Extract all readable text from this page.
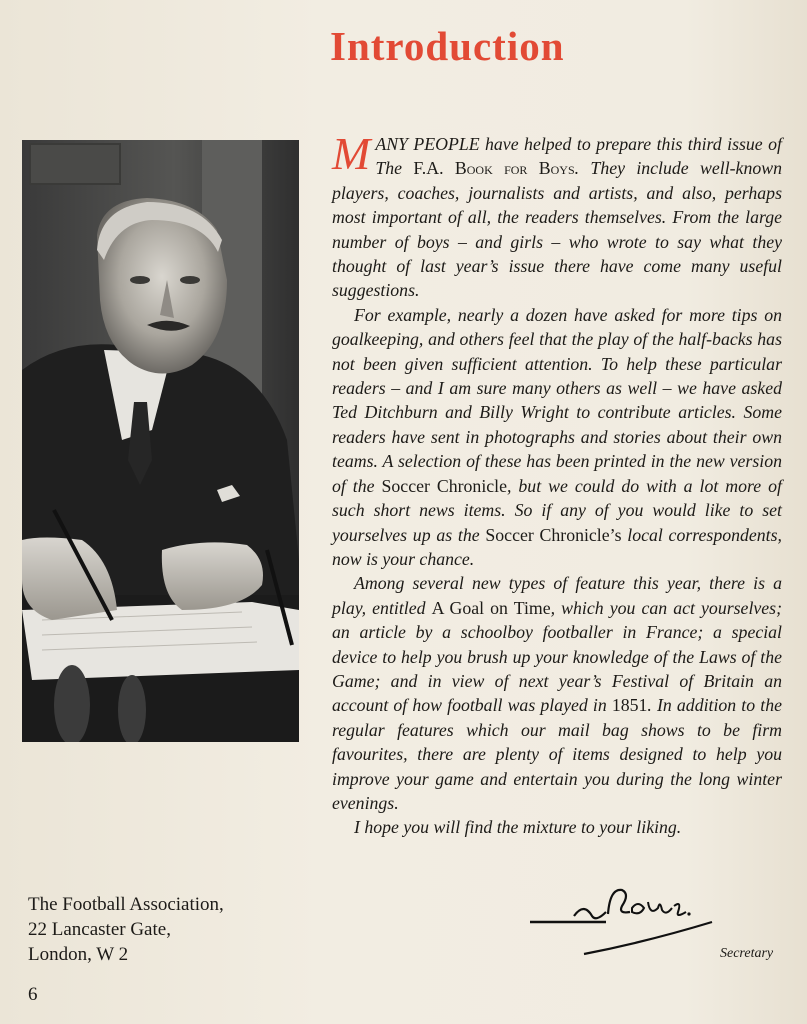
Introduction

MANY PEOPLE have helped to prepare this third issue of The F.A. Book for Boys. They include well-known players, coaches, journalists and artists, and also, perhaps most important of all, the readers themselves. From the large number of boys – and girls – who wrote to say what they thought of last year’s issue there have come many useful suggestions.

For example, nearly a dozen have asked for more tips on goalkeeping, and others feel that the play of the half-backs has not been given sufficient attention. To help these particular readers – and I am sure many others as well – we have asked Ted Ditchburn and Billy Wright to contribute articles. Some readers have sent in photographs and stories about their own teams. A selection of these has been printed in the new version of the Soccer Chronicle, but we could do with a lot more of such short news items. So if any of you would like to set yourselves up as the Soccer Chronicle’s local correspondents, now is your chance.

Among several new types of feature this year, there is a play, entitled A Goal on Time, which you can act yourselves; an article by a schoolboy footballer in France; a special device to help you brush up your knowledge of the Laws of the Game; and in view of next year’s Festival of Britain an account of how football was played in 1851. In addition to the regular features which our mail bag shows to be firm favourites, there are plenty of items designed to help you improve your game and entertain you during the long winter evenings.

I hope you will find the mixture to your liking.

The Football Association,
22 Lancaster Gate,
London, W 2
6
Secretary
